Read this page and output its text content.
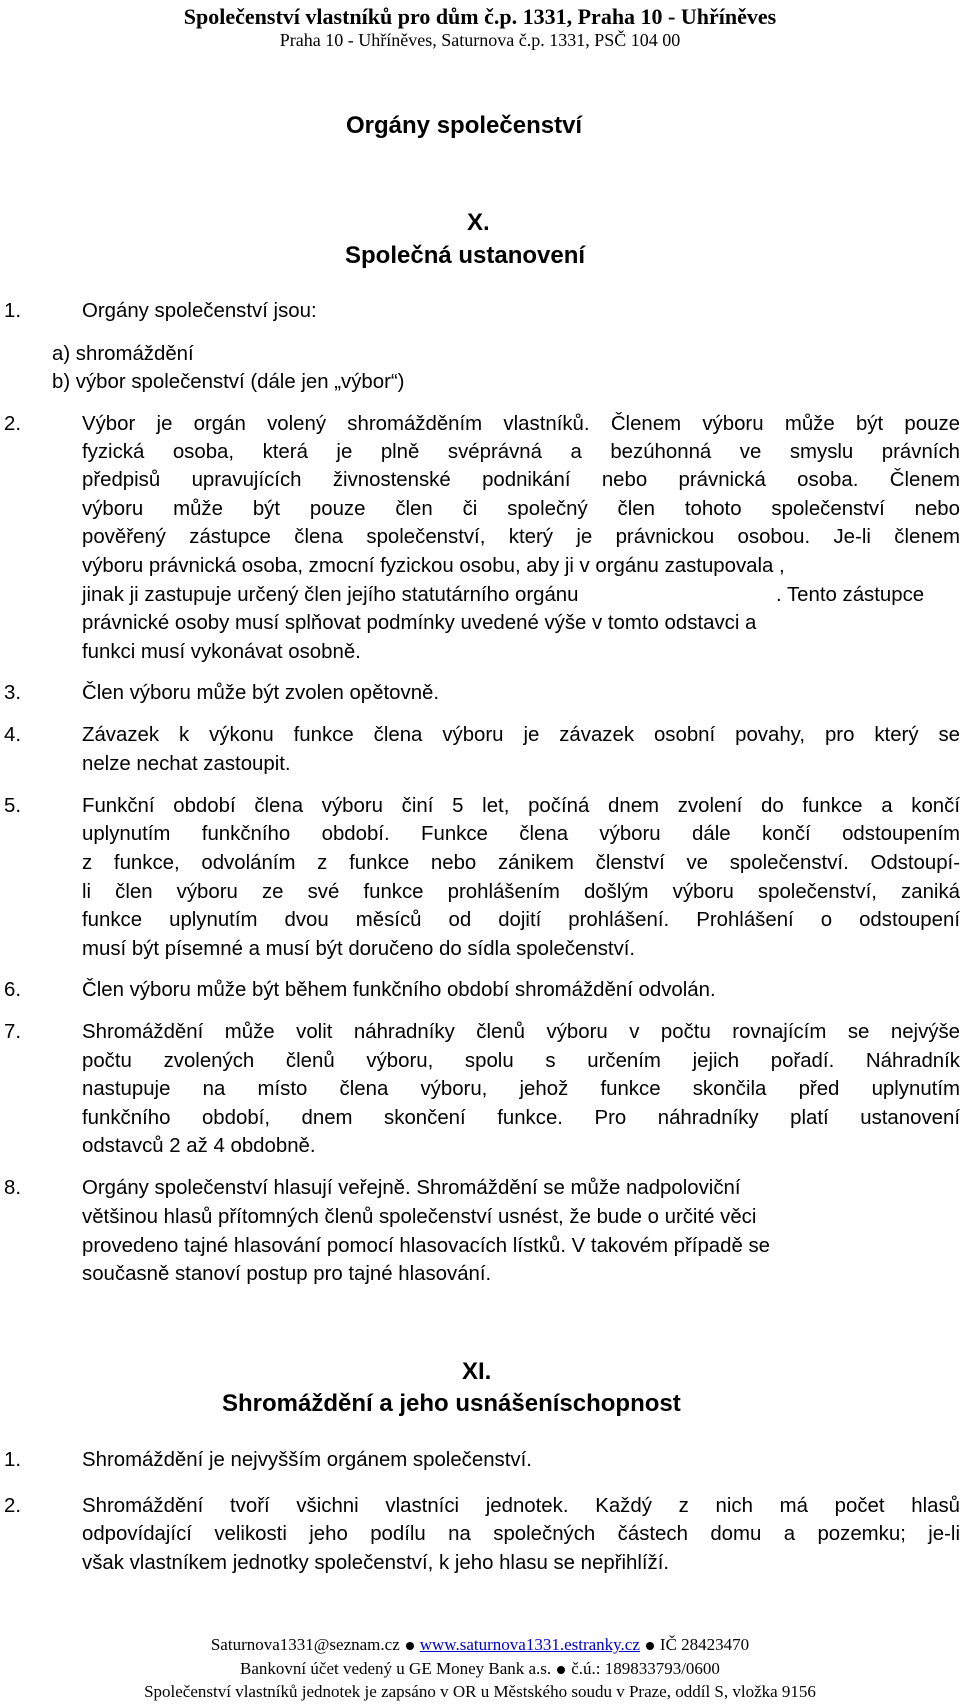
Společenství vlastníků pro dům č.p. 1331, Praha 10 - Uhříněves
Praha 10 - Uhříněves, Saturnova č.p. 1331, PSČ 104 00
Orgány společenství
X.
Společná ustanovení
1.	Orgány společenství jsou:
a) shromáždění
b) výbor společenství (dále jen „výbor“)
2.	Výbor je orgán volený shromážděním vlastníků. Členem výboru může být pouze
fyzická osoba, která je plně svéprávná a bezúhonná ve smyslu právních
předpisů upravujících živnostenské podnikání nebo právnická osoba. Členem
výboru může být pouze člen či společný člen tohoto společenství nebo
pověřený zástupce člena společenství, který je právnickou osobou. Je-li členem
výboru právnická osoba, zmocní fyzickou osobu, aby ji v orgánu zastupovala ,
jinak ji zastupuje určený člen jejího statutárního orgánu	. Tento zástupce
právnické osoby musí splňovat podmínky uvedené výše v tomto odstavci a
funkci musí vykonávat osobně.
3.	Člen výboru může být zvolen opětovně.
4.	Závazek k výkonu funkce člena výboru je závazek osobní povahy, pro který se
nelze nechat zastoupit.
5.	Funkční období člena výboru činí 5 let, počíná dnem zvolení do funkce a končí
uplynutím funkčního období. Funkce člena výboru dále končí odstoupením
z funkce, odvoláním z funkce nebo zánikem členství ve společenství. Odstoupí-
li člen výboru ze své funkce prohlášením došlým výboru společenství, zaniká
funkce uplynutím dvou měsíců od dojití prohlášení. Prohlášení o odstoupení
musí být písemné a musí být doručeno do sídla společenství.
6.	Člen výboru může být během funkčního období shromáždění odvolán.
7.	Shromáždění může volit náhradníky členů výboru v počtu rovnajícím se nejvýše
počtu zvolených členů výboru, spolu s určením jejich pořadí. Náhradník
nastupuje na místo člena výboru, jehož funkce skončila před uplynutím
funkčního období, dnem skončení funkce. Pro náhradníky platí ustanovení
odstavců 2 až 4 obdobně.
8.	Orgány společenství hlasují veřejně. Shromáždění se může nadpoloviční
většinou hlasů přítomných členů společenství usnést, že bude o určité věci
provedeno tajné hlasování pomocí hlasovacích lístků. V takovém případě se
současně stanoví postup pro tajné hlasování.
XI.
Shromáždění a jeho usnášeníschopnost
1.	Shromáždění je nejvyšším orgánem společenství.
2.	Shromáždění tvoří všichni vlastníci jednotek. Každý z nich má počet hlasů
odpovídající velikosti jeho podílu na společných částech domu a pozemku; je-li
však vlastníkem jednotky společenství, k jeho hlasu se nepřihlíží.
Saturnova1331@seznam.cz www.saturnova1331.estranky.cz IČ 28423470
Bankovní účet vedený u GE Money Bank a.s. č.ú.: 189833793/0600
Společenství vlastníků jednotek je zapsáno v OR u Městského soudu v Praze, oddíl S, vložka 9156
